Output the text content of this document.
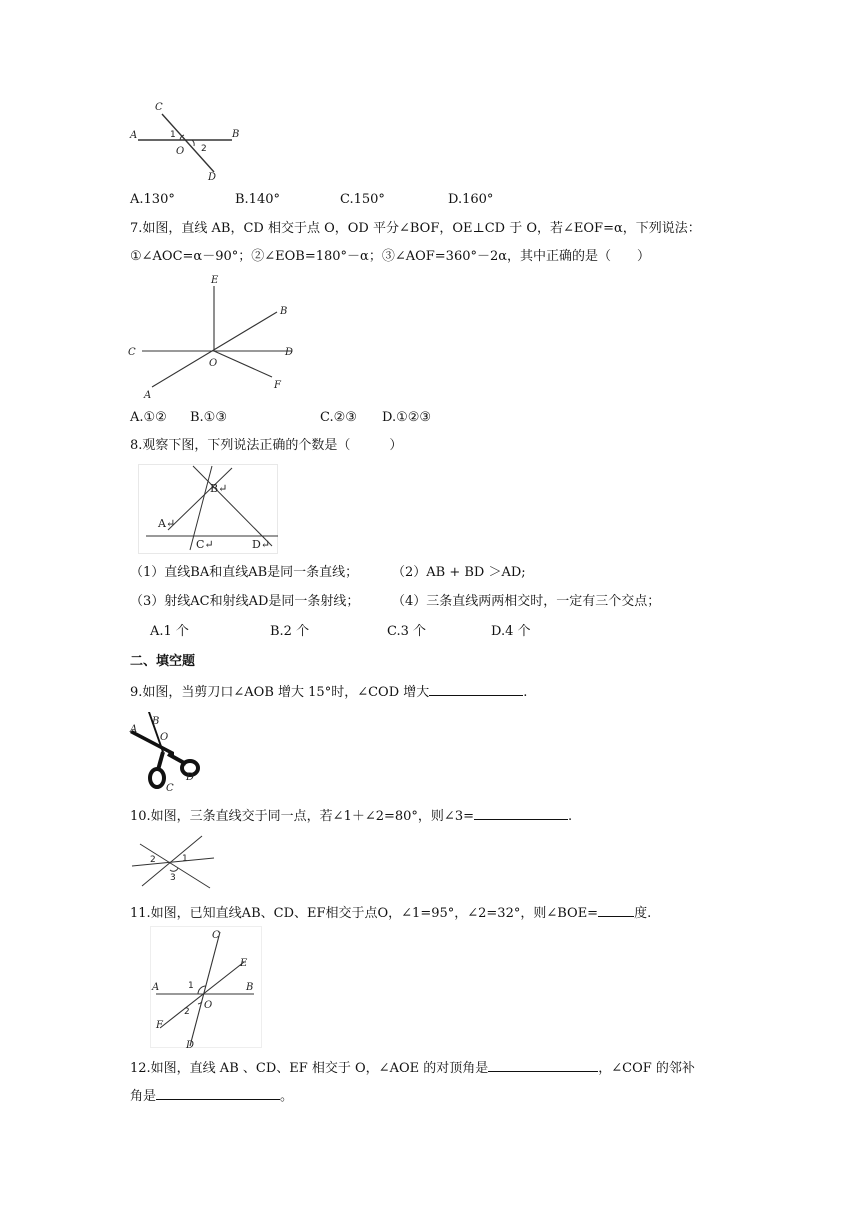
A	B
C
D
O
1
2
A.130°	B.140°	C.150°	D.160°
7.如图，直线 AB，CD 相交于点 O，OD 平分∠BOF，OE⊥CD 于 O，若∠EOF=α，下列说法：
①∠AOC=α－90°；②∠EOB=180°－α；③∠AOF=360°－2α，其中正确的是（　　）
E
B
C	D
O
A
F
A.①② B.①③	C.②③ D.①②③
8.观察下图，下列说法正确的个数是（　　　）
B↵
A↵
C↵	D↵
（1）直线BA和直线AB是同一条直线；	（2）AB + BD ＞AD;
（3）射线AC和射线AD是同一条射线；	（4）三条直线两两相交时，一定有三个交点；
A.1 个	B.2 个	C.3 个	D.4 个
二、填空题
9.如图，当剪刀口∠AOB 增大 15°时，∠COD 增大	.
A
B
O
C
D
10.如图，三条直线交于同一点，若∠1＋∠2=80°，则∠3=	.
2	1
3
11.如图，已知直线AB、CD、EF相交于点O，∠1=95°，∠2=32°，则∠BOE=	度.
C
E
A	B
O
F
D
1
2
12.如图，直线 AB 、CD、EF 相交于 O，∠AOE 的对顶角是	，∠COF 的邻补
角是	。
